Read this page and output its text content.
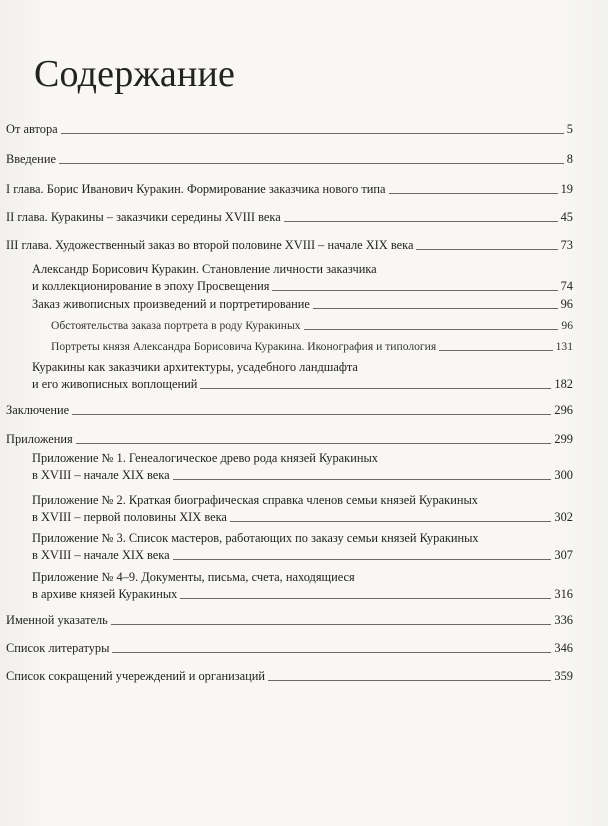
Содержание
От автора	5
Введение	8
I глава. Борис Иванович Куракин. Формирование заказчика нового типа	19
II глава. Куракины – заказчики середины XVIII века	45
III глава. Художественный заказ во второй половине XVIII – начале XIX века	73
Александр Борисович Куракин. Становление личности заказчика
и коллекционирование в эпоху Просвещения	74
Заказ живописных произведений и портретирование	96
Обстоятельства заказа портрета в роду Куракиных	96
Портреты князя Александра Борисовича Куракина. Иконография и типология	131
Куракины как заказчики архитектуры, усадебного ландшафта
и его живописных воплощений	182
Заключение	296
Приложения	299
Приложение № 1. Генеалогическое древо рода князей Куракиных
в XVIII – начале XIX века	300
Приложение № 2. Краткая биографическая справка членов семьи князей Куракиных
в XVIII – первой половины XIX века	302
Приложение № 3. Список мастеров, работающих по заказу семьи князей Куракиных
в XVIII – начале XIX века	307
Приложение № 4–9. Документы, письма, счета, находящиеся
в архиве князей Куракиных	316
Именной указатель	336
Список литературы	346
Список сокращений учереждений и организаций	359
